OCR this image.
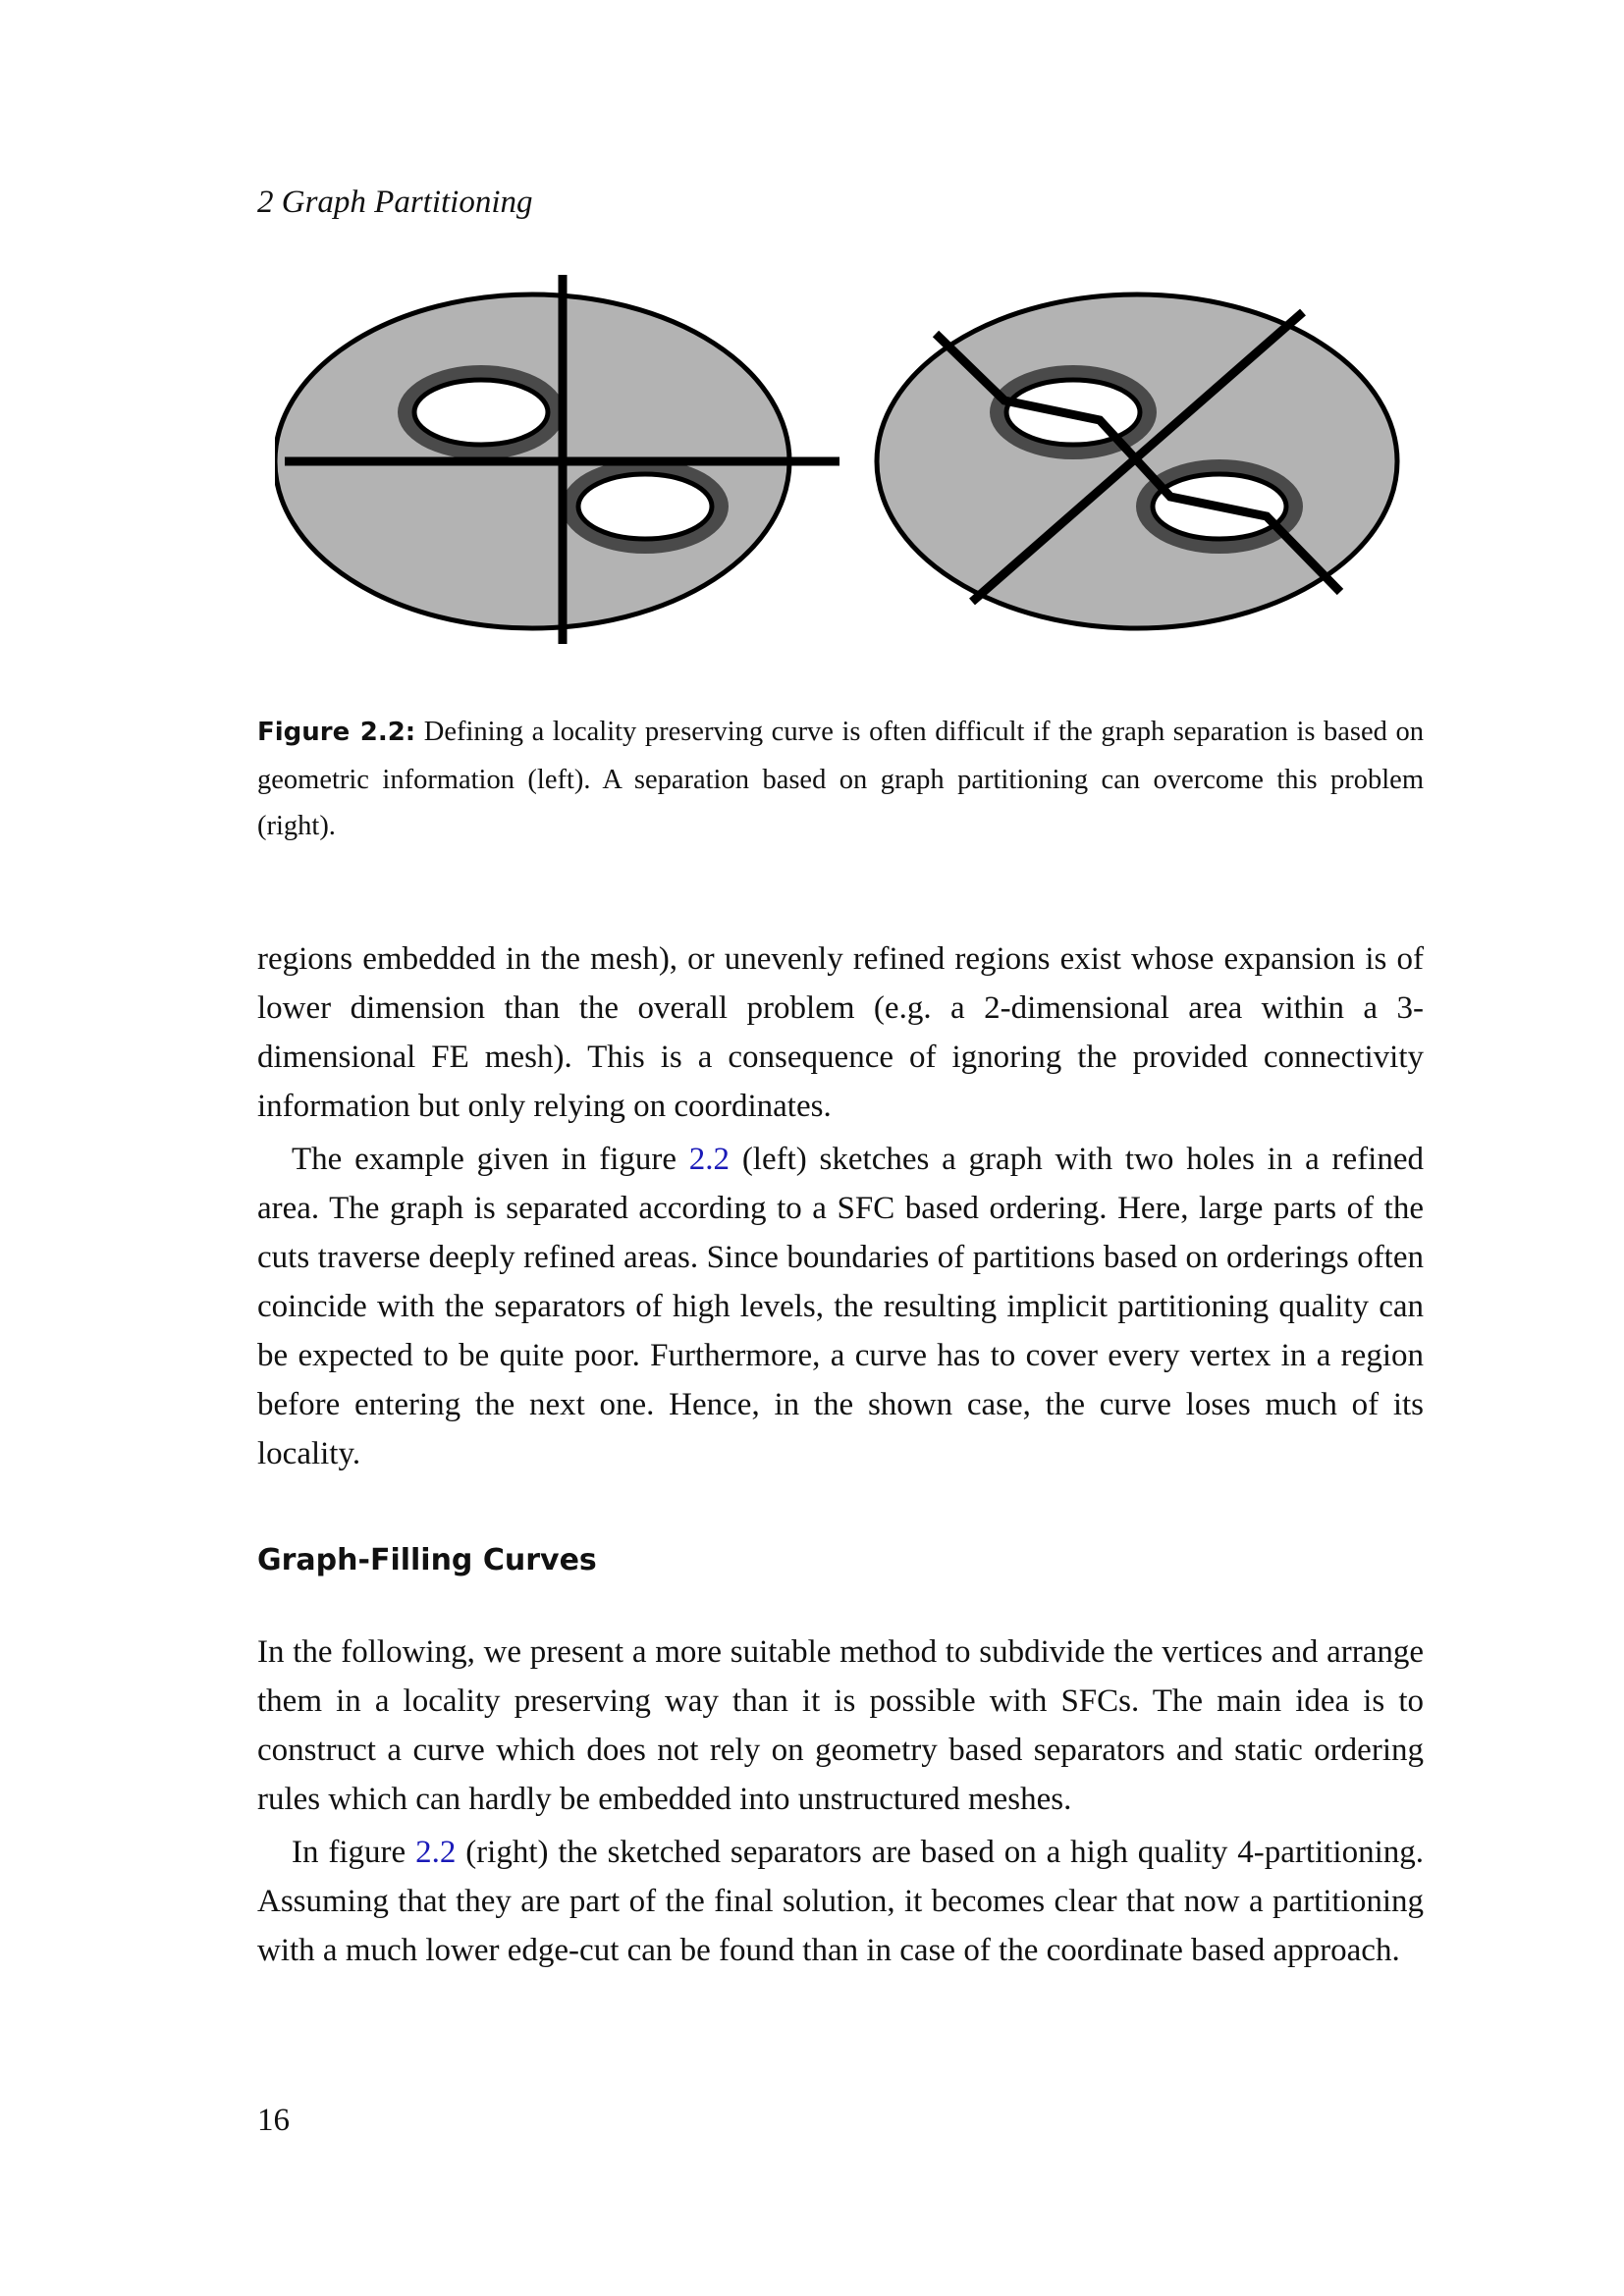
2 Graph Partitioning
Figure 2.2: Defining a locality preserving curve is often difficult if the graph separation is based on geometric information (left). A separation based on graph partitioning can overcome this problem (right).

regions embedded in the mesh), or unevenly refined regions exist whose expansion is of lower dimension than the overall problem (e.g. a 2-dimensional area within a 3-dimensional FE mesh). This is a consequence of ignoring the provided connectivity information but only relying on coordinates.

The example given in figure 2.2 (left) sketches a graph with two holes in a refined area. The graph is separated according to a SFC based ordering. Here, large parts of the cuts traverse deeply refined areas. Since boundaries of partitions based on orderings often coincide with the separators of high levels, the resulting implicit partitioning quality can be expected to be quite poor. Furthermore, a curve has to cover every vertex in a region before entering the next one. Hence, in the shown case, the curve loses much of its locality.

Graph-Filling Curves

In the following, we present a more suitable method to subdivide the vertices and arrange them in a locality preserving way than it is possible with SFCs. The main idea is to construct a curve which does not rely on geometry based separators and static ordering rules which can hardly be embedded into unstructured meshes.

In figure 2.2 (right) the sketched separators are based on a high quality 4-partitioning. Assuming that they are part of the final solution, it becomes clear that now a partitioning with a much lower edge-cut can be found than in case of the coordinate based approach.

16
